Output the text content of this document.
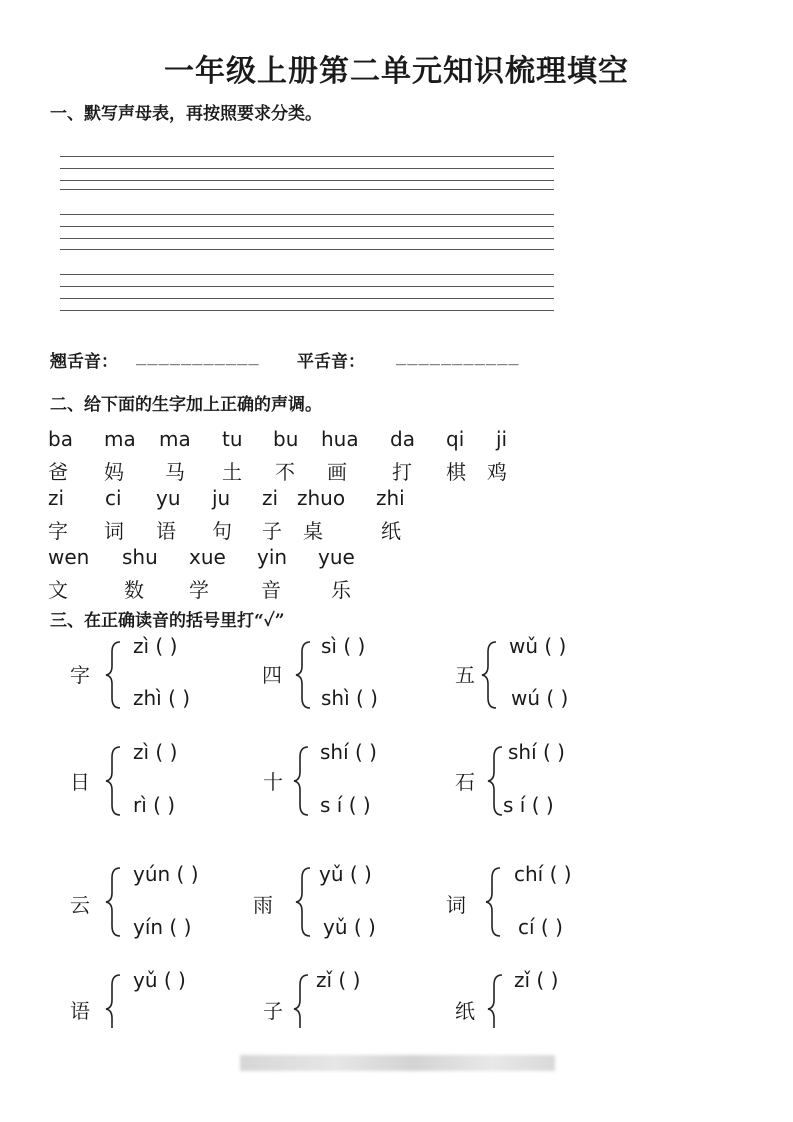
一年级上册第二单元知识梳理填空
一、默写声母表，再按照要求分类。
翘舌音： ___________ 平舌音： ___________
二、给下面的生字加上正确的声调。
ba ma ma tu bu hua da qi ji
爸 妈 马 土 不 画 打 棋 鸡
zi ci yu ju zi zhuo zhi
字 词 语 句 子 桌	纸
wen shu xue yin yue
文	数 学	音	乐
三、在正确读音的括号里打“✓”
字
zì ( )
zhì ( )
四
sì ( )
shì ( )
五
wǔ ( )
wú ( )
日
zì ( )
rì ( )
十
shí ( )
s í ( )
石
shí ( )
s í ( )
云
yún ( )
yín ( )
雨
yǔ ( )
yǔ ( )
词
chí ( )
cí ( )
语
yǔ ( )
子
zǐ ( )
纸
zǐ ( )
